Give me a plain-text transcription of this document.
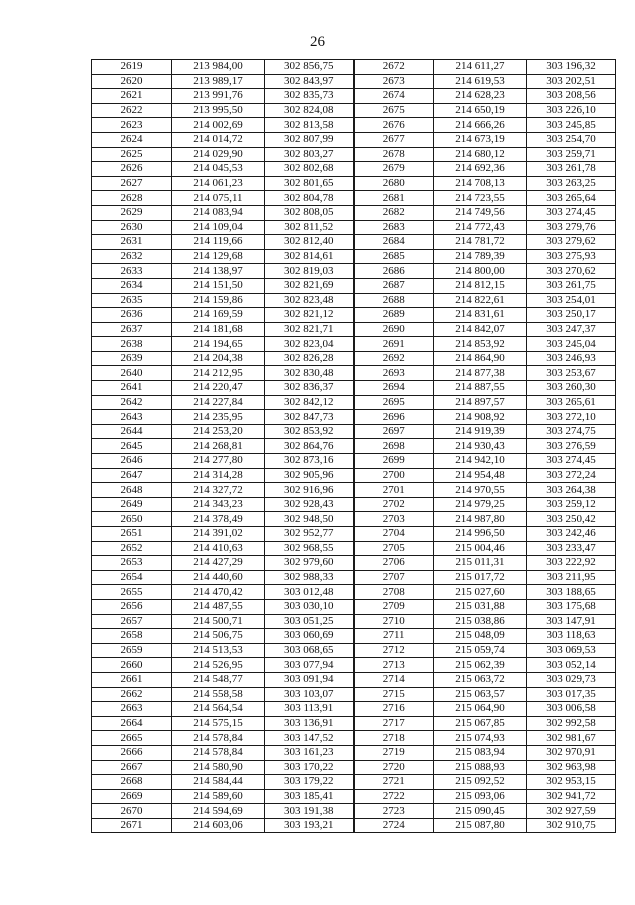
26
2619	213 984,00	302 856,75	2672	214 611,27	303 196,32
2620	213 989,17	302 843,97	2673	214 619,53	303 202,51
2621	213 991,76	302 835,73	2674	214 628,23	303 208,56
2622	213 995,50	302 824,08	2675	214 650,19	303 226,10
2623	214 002,69	302 813,58	2676	214 666,26	303 245,85
2624	214 014,72	302 807,99	2677	214 673,19	303 254,70
2625	214 029,90	302 803,27	2678	214 680,12	303 259,71
2626	214 045,53	302 802,68	2679	214 692,36	303 261,78
2627	214 061,23	302 801,65	2680	214 708,13	303 263,25
2628	214 075,11	302 804,78	2681	214 723,55	303 265,64
2629	214 083,94	302 808,05	2682	214 749,56	303 274,45
2630	214 109,04	302 811,52	2683	214 772,43	303 279,76
2631	214 119,66	302 812,40	2684	214 781,72	303 279,62
2632	214 129,68	302 814,61	2685	214 789,39	303 275,93
2633	214 138,97	302 819,03	2686	214 800,00	303 270,62
2634	214 151,50	302 821,69	2687	214 812,15	303 261,75
2635	214 159,86	302 823,48	2688	214 822,61	303 254,01
2636	214 169,59	302 821,12	2689	214 831,61	303 250,17
2637	214 181,68	302 821,71	2690	214 842,07	303 247,37
2638	214 194,65	302 823,04	2691	214 853,92	303 245,04
2639	214 204,38	302 826,28	2692	214 864,90	303 246,93
2640	214 212,95	302 830,48	2693	214 877,38	303 253,67
2641	214 220,47	302 836,37	2694	214 887,55	303 260,30
2642	214 227,84	302 842,12	2695	214 897,57	303 265,61
2643	214 235,95	302 847,73	2696	214 908,92	303 272,10
2644	214 253,20	302 853,92	2697	214 919,39	303 274,75
2645	214 268,81	302 864,76	2698	214 930,43	303 276,59
2646	214 277,80	302 873,16	2699	214 942,10	303 274,45
2647	214 314,28	302 905,96	2700	214 954,48	303 272,24
2648	214 327,72	302 916,96	2701	214 970,55	303 264,38
2649	214 343,23	302 928,43	2702	214 979,25	303 259,12
2650	214 378,49	302 948,50	2703	214 987,80	303 250,42
2651	214 391,02	302 952,77	2704	214 996,50	303 242,46
2652	214 410,63	302 968,55	2705	215 004,46	303 233,47
2653	214 427,29	302 979,60	2706	215 011,31	303 222,92
2654	214 440,60	302 988,33	2707	215 017,72	303 211,95
2655	214 470,42	303 012,48	2708	215 027,60	303 188,65
2656	214 487,55	303 030,10	2709	215 031,88	303 175,68
2657	214 500,71	303 051,25	2710	215 038,86	303 147,91
2658	214 506,75	303 060,69	2711	215 048,09	303 118,63
2659	214 513,53	303 068,65	2712	215 059,74	303 069,53
2660	214 526,95	303 077,94	2713	215 062,39	303 052,14
2661	214 548,77	303 091,94	2714	215 063,72	303 029,73
2662	214 558,58	303 103,07	2715	215 063,57	303 017,35
2663	214 564,54	303 113,91	2716	215 064,90	303 006,58
2664	214 575,15	303 136,91	2717	215 067,85	302 992,58
2665	214 578,84	303 147,52	2718	215 074,93	302 981,67
2666	214 578,84	303 161,23	2719	215 083,94	302 970,91
2667	214 580,90	303 170,22	2720	215 088,93	302 963,98
2668	214 584,44	303 179,22	2721	215 092,52	302 953,15
2669	214 589,60	303 185,41	2722	215 093,06	302 941,72
2670	214 594,69	303 191,38	2723	215 090,45	302 927,59
2671	214 603,06	303 193,21	2724	215 087,80	302 910,75
